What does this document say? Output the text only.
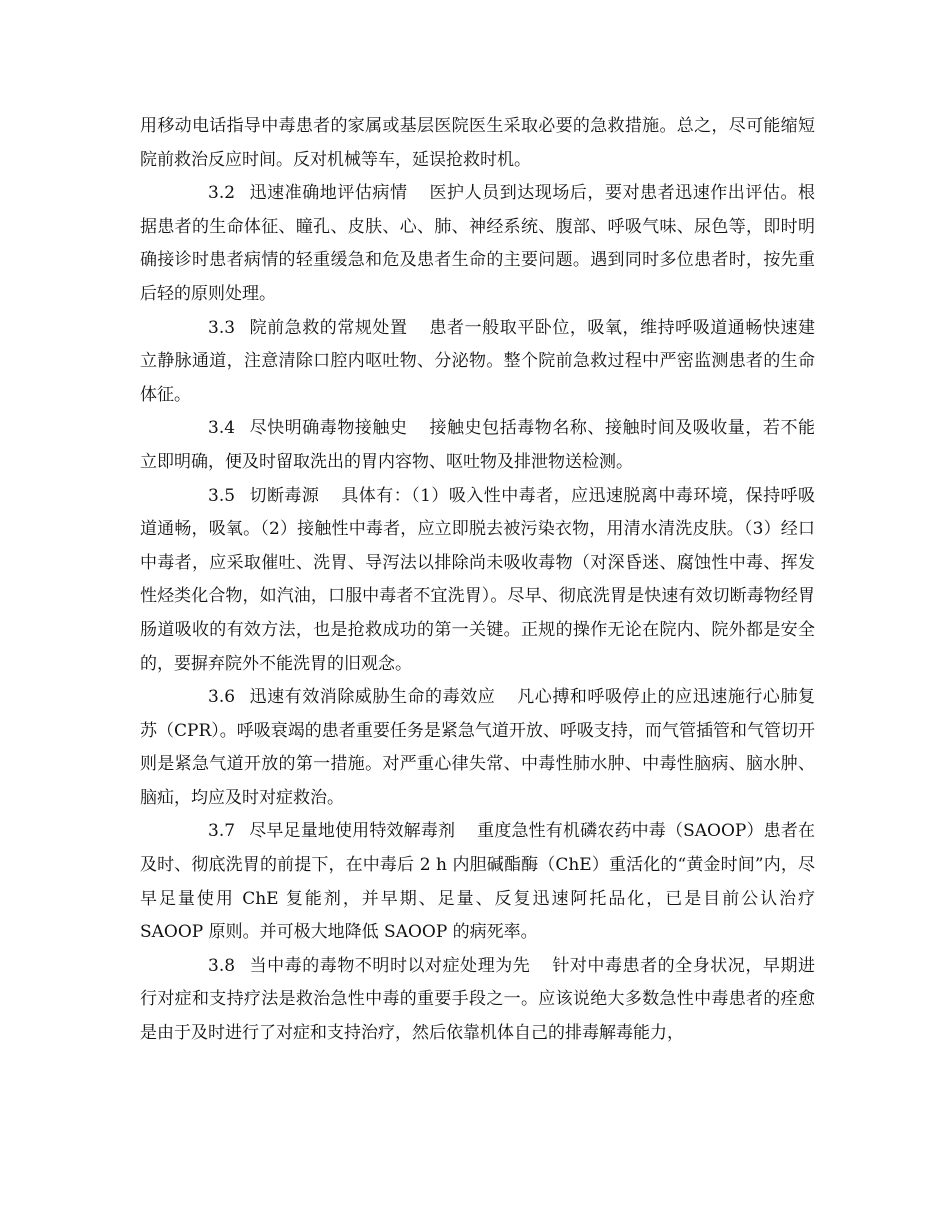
用移动电话指导中毒患者的家属或基层医院医生采取必要的急救措施。总之，尽可能缩短院前救治反应时间。反对机械等车，延误抢救时机。

3.2 迅速准确地评估病情 医护人员到达现场后，要对患者迅速作出评估。根据患者的生命体征、瞳孔、皮肤、心、肺、神经系统、腹部、呼吸气味、尿色等，即时明确接诊时患者病情的轻重缓急和危及患者生命的主要问题。遇到同时多位患者时，按先重后轻的原则处理。

3.3 院前急救的常规处置 患者一般取平卧位，吸氧，维持呼吸道通畅快速建立静脉通道，注意清除口腔内呕吐物、分泌物。整个院前急救过程中严密监测患者的生命体征。

3.4 尽快明确毒物接触史 接触史包括毒物名称、接触时间及吸收量，若不能立即明确，便及时留取洗出的胃内容物、呕吐物及排泄物送检测。

3.5 切断毒源 具体有：（1）吸入性中毒者，应迅速脱离中毒环境，保持呼吸道通畅，吸氧。（2）接触性中毒者，应立即脱去被污染衣物，用清水清洗皮肤。（3）经口中毒者，应采取催吐、洗胃、导泻法以排除尚未吸收毒物（对深昏迷、腐蚀性中毒、挥发性烃类化合物，如汽油，口服中毒者不宜洗胃）。尽早、彻底洗胃是快速有效切断毒物经胃肠道吸收的有效方法，也是抢救成功的第一关键。正规的操作无论在院内、院外都是安全的，要摒弃院外不能洗胃的旧观念。

3.6 迅速有效消除威胁生命的毒效应 凡心搏和呼吸停止的应迅速施行心肺复苏（CPR）。呼吸衰竭的患者重要任务是紧急气道开放、呼吸支持，而气管插管和气管切开则是紧急气道开放的第一措施。对严重心律失常、中毒性肺水肿、中毒性脑病、脑水肿、脑疝，均应及时对症救治。

3.7 尽早足量地使用特效解毒剂 重度急性有机磷农药中毒（SAOOP）患者在及时、彻底洗胃的前提下，在中毒后 2 h 内胆碱酯酶（ChE）重活化的“黄金时间”内，尽早足量使用 ChE 复能剂，并早期、足量、反复迅速阿托品化，已是目前公认治疗 SAOOP 原则。并可极大地降低 SAOOP 的病死率。

3.8 当中毒的毒物不明时以对症处理为先 针对中毒患者的全身状况，早期进行对症和支持疗法是救治急性中毒的重要手段之一。应该说绝大多数急性中毒患者的痊愈是由于及时进行了对症和支持治疗，然后依靠机体自己的排毒解毒能力，
